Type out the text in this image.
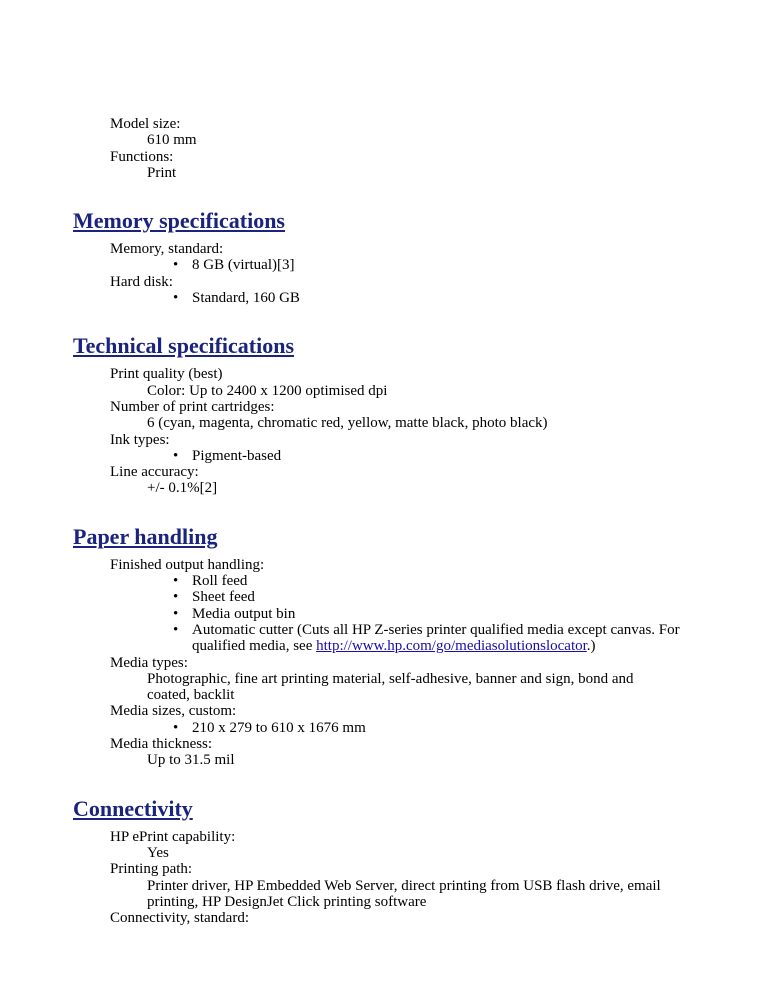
Model size:
610 mm
Functions:
Print
Memory specifications
Memory, standard:
• 8 GB (virtual)[3]
Hard disk:
• Standard, 160 GB
Technical specifications
Print quality (best)
Color: Up to 2400 x 1200 optimised dpi
Number of print cartridges:
6 (cyan, magenta, chromatic red, yellow, matte black, photo black)
Ink types:
• Pigment-based
Line accuracy:
+/- 0.1%[2]
Paper handling
Finished output handling:
• Roll feed
• Sheet feed
• Media output bin
• Automatic cutter (Cuts all HP Z-series printer qualified media except canvas. For qualified media, see http://www.hp.com/go/mediasolutionslocator.)
Media types:
Photographic, fine art printing material, self-adhesive, banner and sign, bond and coated, backlit
Media sizes, custom:
• 210 x 279 to 610 x 1676 mm
Media thickness:
Up to 31.5 mil
Connectivity
HP ePrint capability:
Yes
Printing path:
Printer driver, HP Embedded Web Server, direct printing from USB flash drive, email printing, HP DesignJet Click printing software
Connectivity, standard:
